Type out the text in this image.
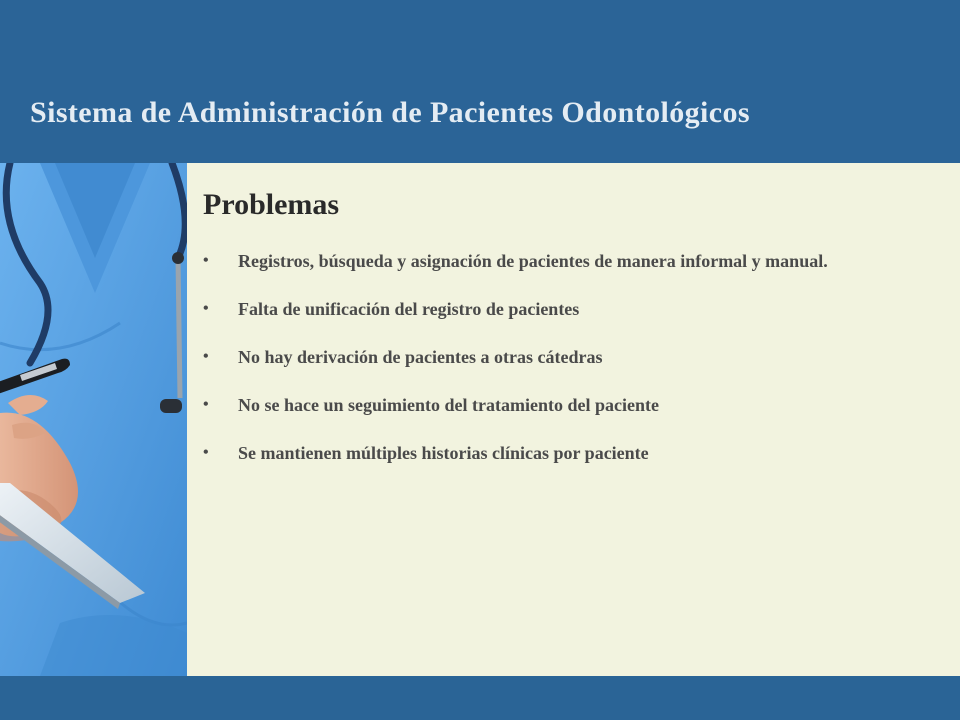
Sistema de Administración de Pacientes Odontológicos
Problemas
• Registros, búsqueda y asignación de pacientes de manera informal y manual.
• Falta de unificación del registro de pacientes
• No hay derivación de pacientes a otras cátedras
• No se hace un seguimiento del tratamiento del paciente
• Se mantienen múltiples historias clínicas por paciente
